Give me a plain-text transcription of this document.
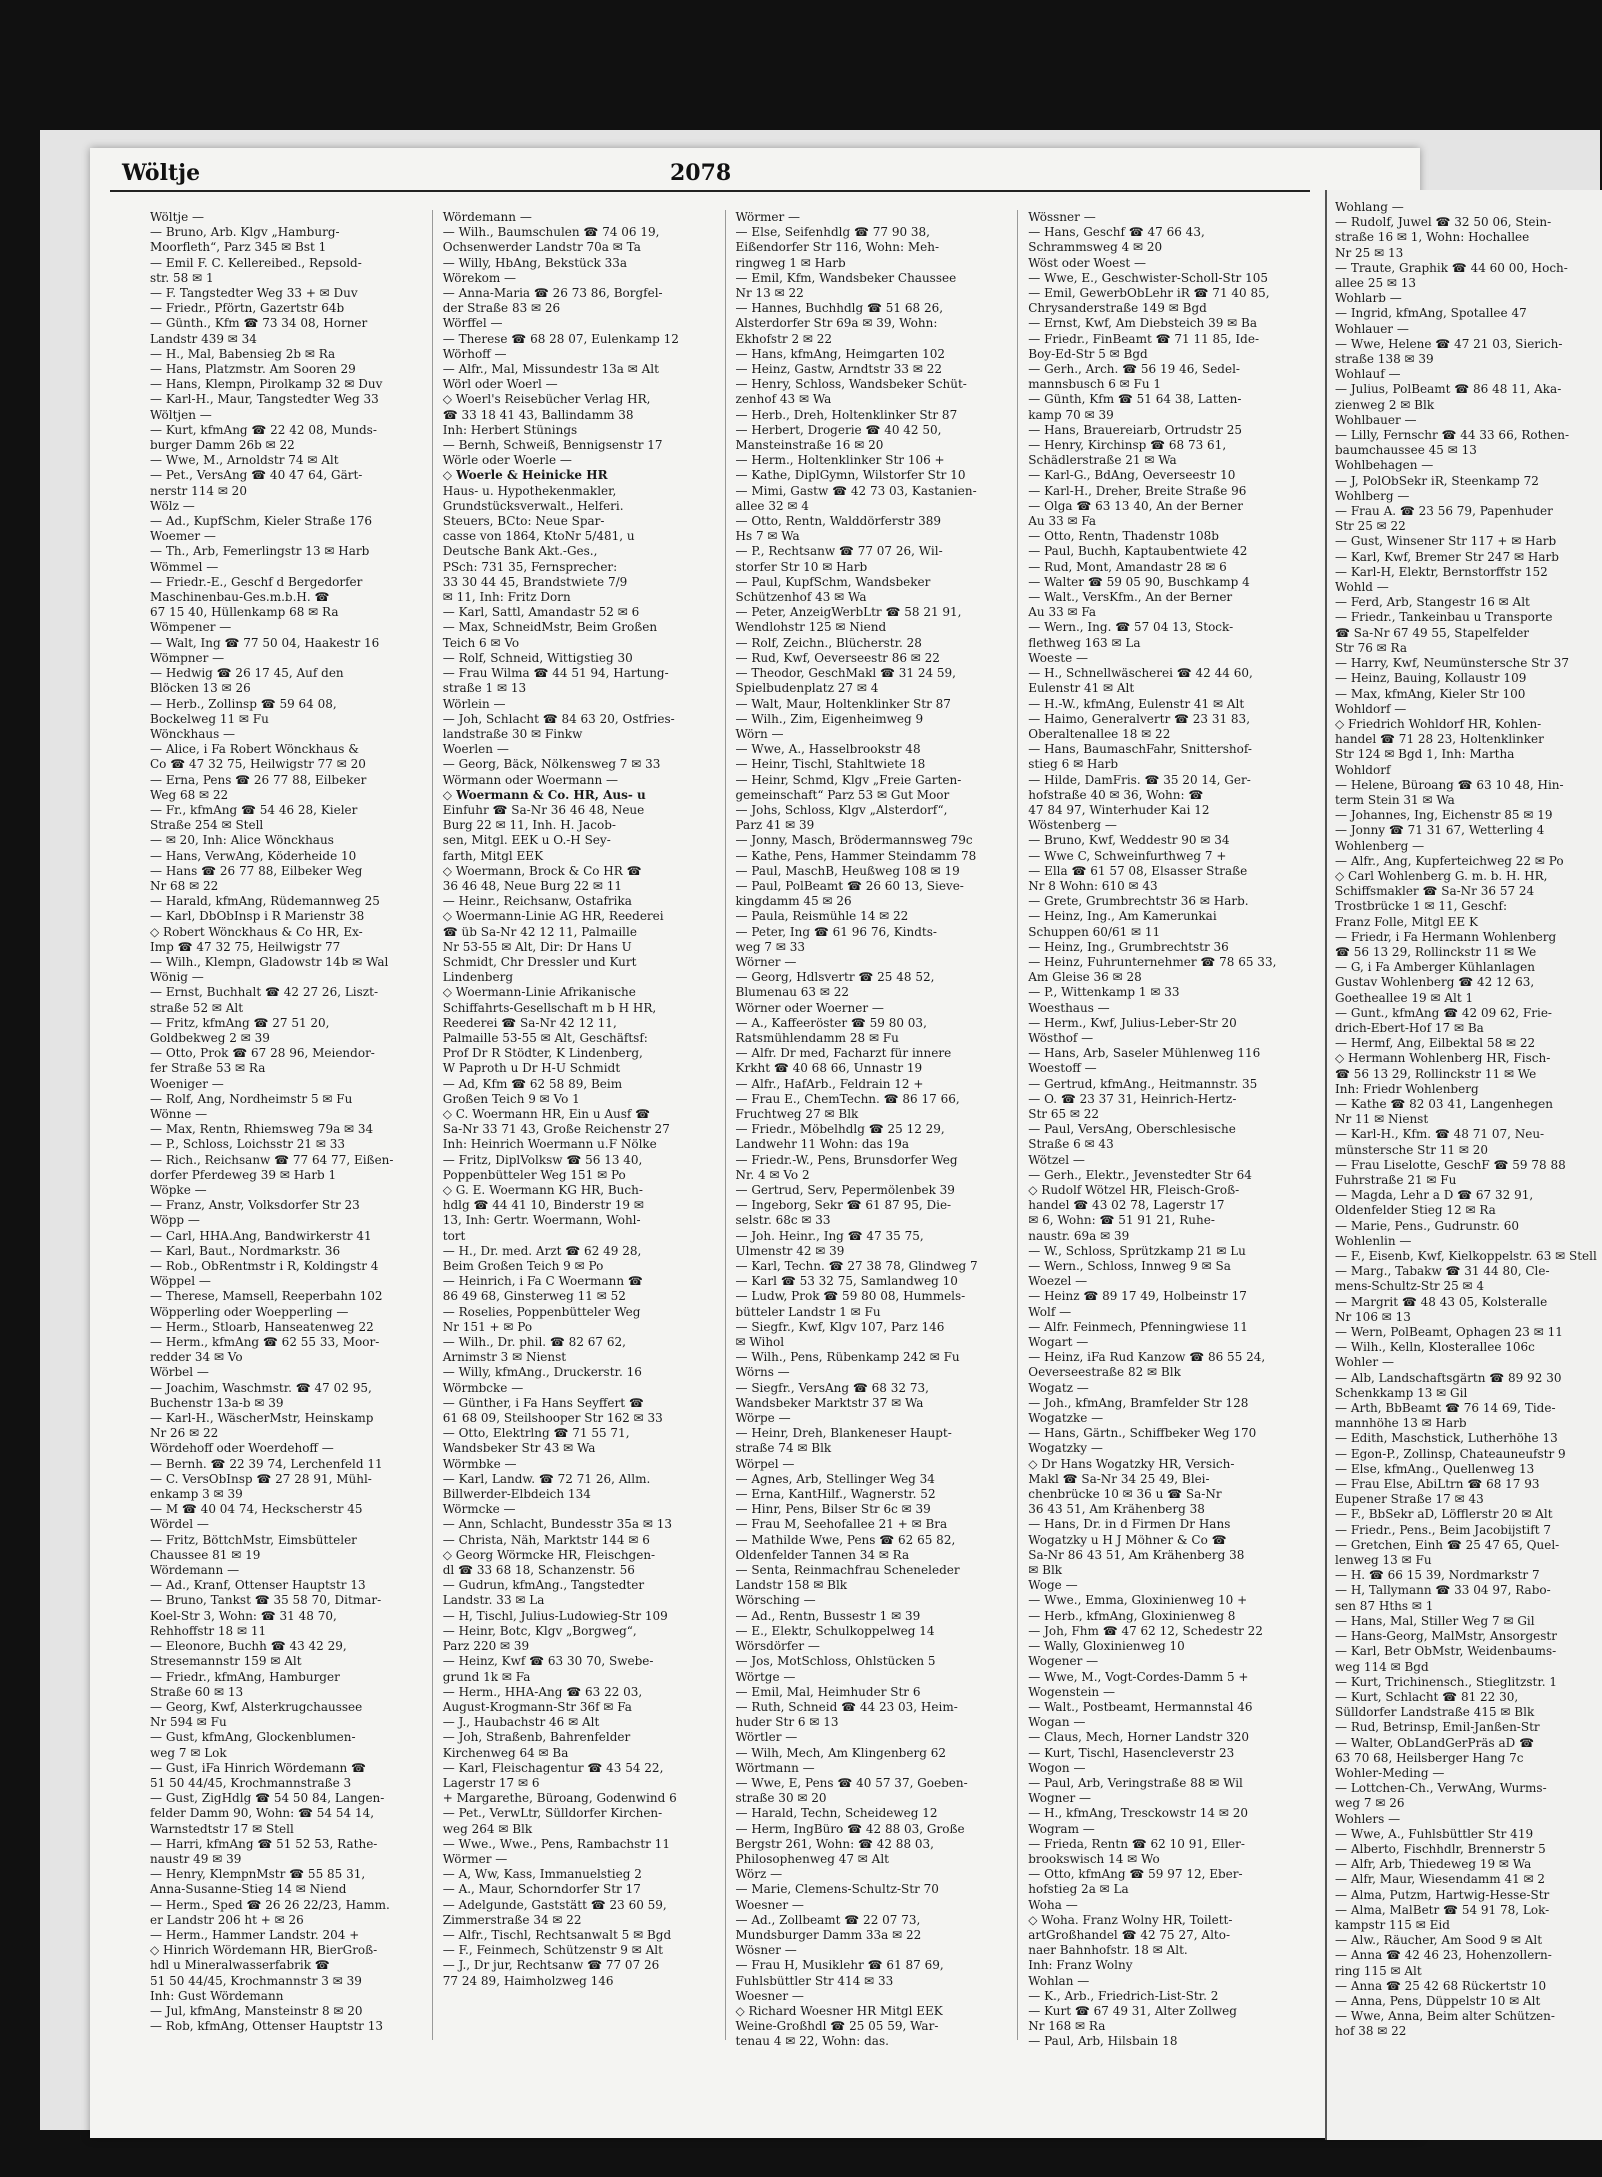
Wöltje	2078
Wöltje —
— Bruno, Arb. Klgv „Hamburg-
Moorfleth“, Parz 345 ✉ Bst 1
— Emil F. C. Kellereibed., Repsold-
str. 58 ✉ 1
— F. Tangstedter Weg 33 + ✉ Duv
— Friedr., Pförtn, Gazertstr 64b
— Günth., Kfm ☎ 73 34 08, Horner
Landstr 439 ✉ 34
— H., Mal, Babensieg 2b ✉ Ra
— Hans, Platzmstr. Am Sooren 29
— Hans, Klempn, Pirolkamp 32 ✉ Duv
— Karl-H., Maur, Tangstedter Weg 33
Wöltjen —
— Kurt, kfmAng ☎ 22 42 08, Munds-
burger Damm 26b ✉ 22
— Wwe, M., Arnoldstr 74 ✉ Alt
— Pet., VersAng ☎ 40 47 64, Gärt-
nerstr 114 ✉ 20
Wölz —
— Ad., KupfSchm, Kieler Straße 176
Woemer —
— Th., Arb, Femerlingstr 13 ✉ Harb
Wömmel —
— Friedr.-E., Geschf d Bergedorfer
Maschinenbau-Ges.m.b.H. ☎
67 15 40, Hüllenkamp 68 ✉ Ra
Wömpener —
— Walt, Ing ☎ 77 50 04, Haakestr 16
Wömpner —
— Hedwig ☎ 26 17 45, Auf den
Blöcken 13 ✉ 26
— Herb., Zollinsp ☎ 59 64 08,
Bockelweg 11 ✉ Fu
Wönckhaus —
— Alice, i Fa Robert Wönckhaus &
Co ☎ 47 32 75, Heilwigstr 77 ✉ 20
— Erna, Pens ☎ 26 77 88, Eilbeker
Weg 68 ✉ 22
— Fr., kfmAng ☎ 54 46 28, Kieler
Straße 254 ✉ Stell
— ✉ 20, Inh: Alice Wönckhaus
— Hans, VerwAng, Köderheide 10
— Hans ☎ 26 77 88, Eilbeker Weg
Nr 68 ✉ 22
— Harald, kfmAng, Rüdemannweg 25
— Karl, DbObInsp i R Marienstr 38
◇ Robert Wönckhaus & Co HR, Ex-
Imp ☎ 47 32 75, Heilwigstr 77
— Wilh., Klempn, Gladowstr 14b ✉ Wal
Wönig —
— Ernst, Buchhalt ☎ 42 27 26, Liszt-
straße 52 ✉ Alt
— Fritz, kfmAng ☎ 27 51 20,
Goldbekweg 2 ✉ 39
— Otto, Prok ☎ 67 28 96, Meiendor-
fer Straße 53 ✉ Ra
Woeniger —
— Rolf, Ang, Nordheimstr 5 ✉ Fu
Wönne —
— Max, Rentn, Rhiemsweg 79a ✉ 34
— P., Schloss, Loichsstr 21 ✉ 33
— Rich., Reichsanw ☎ 77 64 77, Eißen-
dorfer Pferdeweg 39 ✉ Harb 1
Wöpke —
— Franz, Anstr, Volksdorfer Str 23
Wöpp —
— Carl, HHA.Ang, Bandwirkerstr 41
— Karl, Baut., Nordmarkstr. 36
— Rob., ObRentmstr i R, Koldingstr 4
Wöppel —
— Therese, Mamsell, Reeperbahn 102
Wöpperling oder Woepperling —
— Herm., Stloarb, Hanseatenweg 22
— Herm., kfmAng ☎ 62 55 33, Moor-
redder 34 ✉ Vo
Wörbel —
— Joachim, Waschmstr. ☎ 47 02 95,
Buchenstr 13a-b ✉ 39
— Karl-H., WäscherMstr, Heinskamp
Nr 26 ✉ 22
Wördehoff oder Woerdehoff —
— Bernh. ☎ 22 39 74, Lerchenfeld 11
— C. VersObInsp ☎ 27 28 91, Mühl-
enkamp 3 ✉ 39
— M ☎ 40 04 74, Heckscherstr 45
Wördel —
— Fritz, BöttchMstr, Eimsbütteler
Chaussee 81 ✉ 19
Wördemann —
— Ad., Kranf, Ottenser Hauptstr 13
— Bruno, Tankst ☎ 35 58 70, Ditmar-
Koel-Str 3, Wohn: ☎ 31 48 70,
Rehhoffstr 18 ✉ 11
— Eleonore, Buchh ☎ 43 42 29,
Stresemannstr 159 ✉ Alt
— Friedr., kfmAng, Hamburger
Straße 60 ✉ 13
— Georg, Kwf, Alsterkrugchaussee
Nr 594 ✉ Fu
— Gust, kfmAng, Glockenblumen-
weg 7 ✉ Lok
— Gust, iFa Hinrich Wördemann ☎
51 50 44/45, Krochmannstraße 3
— Gust, ZigHdlg ☎ 54 50 84, Langen-
felder Damm 90, Wohn: ☎ 54 54 14,
Warnstedtstr 17 ✉ Stell
— Harri, kfmAng ☎ 51 52 53, Rathe-
naustr 49 ✉ 39
— Henry, KlempnMstr ☎ 55 85 31,
Anna-Susanne-Stieg 14 ✉ Niend
— Herm., Sped ☎ 26 26 22/23, Hamm.
er Landstr 206 ht + ✉ 26
— Herm., Hammer Landstr. 204 +
◇ Hinrich Wördemann HR, BierGroß-
hdl u Mineralwasserfabrik ☎
51 50 44/45, Krochmannstr 3 ✉ 39
Inh: Gust Wördemann
— Jul, kfmAng, Mansteinstr 8 ✉ 20
— Rob, kfmAng, Ottenser Hauptstr 13
Wördemann —
— Wilh., Baumschulen ☎ 74 06 19,
Ochsenwerder Landstr 70a ✉ Ta
— Willy, HbAng, Bekstück 33a
Wörekom —
— Anna-Maria ☎ 26 73 86, Borgfel-
der Straße 83 ✉ 26
Wörffel —
— Therese ☎ 68 28 07, Eulenkamp 12
Wörhoff —
— Alfr., Mal, Missundestr 13a ✉ Alt
Wörl oder Woerl —
◇ Woerl's Reisebücher Verlag HR,
☎ 33 18 41 43, Ballindamm 38
Inh: Herbert Stünings
— Bernh, Schweiß, Bennigsenstr 17
Wörle oder Woerle —
◇ Woerle & Heinicke HR
Haus- u. Hypothekenmakler,
Grundstücksverwalt., Helferi.
Steuers, BCto: Neue Spar-
casse von 1864, KtoNr 5/481, u
Deutsche Bank Akt.-Ges.,
PSch: 731 35, Fernsprecher:
33 30 44 45, Brandstwiete 7/9
✉ 11, Inh: Fritz Dorn
— Karl, Sattl, Amandastr 52 ✉ 6
— Max, SchneidMstr, Beim Großen
Teich 6 ✉ Vo
— Rolf, Schneid, Wittigstieg 30
— Frau Wilma ☎ 44 51 94, Hartung-
straße 1 ✉ 13
Wörlein —
— Joh, Schlacht ☎ 84 63 20, Ostfries-
landstraße 30 ✉ Finkw
Woerlen —
— Georg, Bäck, Nölkensweg 7 ✉ 33
Wörmann oder Woermann —
◇ Woermann & Co. HR, Aus- u
Einfuhr ☎ Sa-Nr 36 46 48, Neue
Burg 22 ✉ 11, Inh. H. Jacob-
sen, Mitgl. EEK u O.-H Sey-
farth, Mitgl EEK
◇ Woermann, Brock & Co HR ☎
36 46 48, Neue Burg 22 ✉ 11
— Heinr., Reichsanw, Ostafrika
◇ Woermann-Linie AG HR, Reederei
☎ üb Sa-Nr 42 12 11, Palmaille
Nr 53-55 ✉ Alt, Dir: Dr Hans U
Schmidt, Chr Dressler und Kurt
Lindenberg
◇ Woermann-Linie Afrikanische
Schiffahrts-Gesellschaft m b H HR,
Reederei ☎ Sa-Nr 42 12 11,
Palmaille 53-55 ✉ Alt, Geschäftsf:
Prof Dr R Stödter, K Lindenberg,
W Paproth u Dr H-U Schmidt
— Ad, Kfm ☎ 62 58 89, Beim
Großen Teich 9 ✉ Vo 1
◇ C. Woermann HR, Ein u Ausf ☎
Sa-Nr 33 71 43, Große Reichenstr 27
Inh: Heinrich Woermann u.F Nölke
— Fritz, DiplVolksw ☎ 56 13 40,
Poppenbütteler Weg 151 ✉ Po
◇ G. E. Woermann KG HR, Buch-
hdlg ☎ 44 41 10, Binderstr 19 ✉
13, Inh: Gertr. Woermann, Wohl-
tort
— H., Dr. med. Arzt ☎ 62 49 28,
Beim Großen Teich 9 ✉ Po
— Heinrich, i Fa C Woermann ☎
86 49 68, Ginsterweg 11 ✉ 52
— Roselies, Poppenbütteler Weg
Nr 151 + ✉ Po
— Wilh., Dr. phil. ☎ 82 67 62,
Arnimstr 3 ✉ Nienst
— Willy, kfmAng., Druckerstr. 16
Wörmbcke —
— Günther, i Fa Hans Seyffert ☎
61 68 09, Steilshooper Str 162 ✉ 33
— Otto, Elektrlng ☎ 71 55 71,
Wandsbeker Str 43 ✉ Wa
Wörmbke —
— Karl, Landw. ☎ 72 71 26, Allm.
Billwerder-Elbdeich 134
Wörmcke —
— Ann, Schlacht, Bundesstr 35a ✉ 13
— Christa, Näh, Marktstr 144 ✉ 6
◇ Georg Wörmcke HR, Fleischgen-
dl ☎ 33 68 18, Schanzenstr. 56
— Gudrun, kfmAng., Tangstedter
Landstr. 33 ✉ La
— H, Tischl, Julius-Ludowieg-Str 109
— Heinr, Botc, Klgv „Borgweg“,
Parz 220 ✉ 39
— Heinz, Kwf ☎ 63 30 70, Swebe-
grund 1k ✉ Fa
— Herm., HHA-Ang ☎ 63 22 03,
August-Krogmann-Str 36f ✉ Fa
— J., Haubachstr 46 ✉ Alt
— Joh, Straßenb, Bahrenfelder
Kirchenweg 64 ✉ Ba
— Karl, Fleischagentur ☎ 43 54 22,
Lagerstr 17 ✉ 6
+ Margarethe, Büroang, Godenwind 6
— Pet., VerwLtr, Sülldorfer Kirchen-
weg 264 ✉ Blk
— Wwe., Wwe., Pens, Rambachstr 11
Wörmer —
— A, Ww, Kass, Immanuelstieg 2
— A., Maur, Schorndorfer Str 17
— Adelgunde, Gaststätt ☎ 23 60 59,
Zimmerstraße 34 ✉ 22
— Alfr., Tischl, Rechtsanwalt 5 ✉ Bgd
— F., Feinmech, Schützenstr 9 ✉ Alt
— J., Dr jur, Rechtsanw ☎ 77 07 26
77 24 89, Haimholzweg 146
Wörmer —
— Else, Seifenhdlg ☎ 77 90 38,
Eißendorfer Str 116, Wohn: Meh-
ringweg 1 ✉ Harb
— Emil, Kfm, Wandsbeker Chaussee
Nr 13 ✉ 22
— Hannes, Buchhdlg ☎ 51 68 26,
Alsterdorfer Str 69a ✉ 39, Wohn:
Ekhofstr 2 ✉ 22
— Hans, kfmAng, Heimgarten 102
— Heinz, Gastw, Arndtstr 33 ✉ 22
— Henry, Schloss, Wandsbeker Schüt-
zenhof 43 ✉ Wa
— Herb., Dreh, Holtenklinker Str 87
— Herbert, Drogerie ☎ 40 42 50,
Mansteinstraße 16 ✉ 20
— Herm., Holtenklinker Str 106 +
— Kathe, DiplGymn, Wilstorfer Str 10
— Mimi, Gastw ☎ 42 73 03, Kastanien-
allee 32 ✉ 4
— Otto, Rentn, Walddörferstr 389
Hs 7 ✉ Wa
— P., Rechtsanw ☎ 77 07 26, Wil-
storfer Str 10 ✉ Harb
— Paul, KupfSchm, Wandsbeker
Schützenhof 43 ✉ Wa
— Peter, AnzeigWerbLtr ☎ 58 21 91,
Wendlohstr 125 ✉ Niend
— Rolf, Zeichn., Blücherstr. 28
— Rud, Kwf, Oeverseestr 86 ✉ 22
— Theodor, GeschMakl ☎ 31 24 59,
Spielbudenplatz 27 ✉ 4
— Walt, Maur, Holtenklinker Str 87
— Wilh., Zim, Eigenheimweg 9
Wörn —
— Wwe, A., Hasselbrookstr 48
— Heinr, Tischl, Stahltwiete 18
— Heinr, Schmd, Klgv „Freie Garten-
gemeinschaft“ Parz 53 ✉ Gut Moor
— Johs, Schloss, Klgv „Alsterdorf“,
Parz 41 ✉ 39
— Jonny, Masch, Brödermannsweg 79c
— Kathe, Pens, Hammer Steindamm 78
— Paul, MaschB, Heußweg 108 ✉ 19
— Paul, PolBeamt ☎ 26 60 13, Sieve-
kingdamm 45 ✉ 26
— Paula, Reismühle 14 ✉ 22
— Peter, Ing ☎ 61 96 76, Kindts-
weg 7 ✉ 33
Wörner —
— Georg, Hdlsvertr ☎ 25 48 52,
Blumenau 63 ✉ 22
Wörner oder Woerner —
— A., Kaffeeröster ☎ 59 80 03,
Ratsmühlendamm 28 ✉ Fu
— Alfr. Dr med, Facharzt für innere
Krkht ☎ 40 68 66, Unnastr 19
— Alfr., HafArb., Feldrain 12 +
— Frau E., ChemTechn. ☎ 86 17 66,
Fruchtweg 27 ✉ Blk
— Friedr., Möbelhdlg ☎ 25 12 29,
Landwehr 11 Wohn: das 19a
— Friedr.-W., Pens, Brunsdorfer Weg
Nr. 4 ✉ Vo 2
— Gertrud, Serv, Pepermölenbek 39
— Ingeborg, Sekr ☎ 61 87 95, Die-
selstr. 68c ✉ 33
— Joh. Heinr., Ing ☎ 47 35 75,
Ulmenstr 42 ✉ 39
— Karl, Techn. ☎ 27 38 78, Glindweg 7
— Karl ☎ 53 32 75, Samlandweg 10
— Ludw, Prok ☎ 59 80 08, Hummels-
bütteler Landstr 1 ✉ Fu
— Siegfr., Kwf, Klgv 107, Parz 146
✉ Wihol
— Wilh., Pens, Rübenkamp 242 ✉ Fu
Wörns —
— Siegfr., VersAng ☎ 68 32 73,
Wandsbeker Marktstr 37 ✉ Wa
Wörpe —
— Heinr, Dreh, Blankeneser Haupt-
straße 74 ✉ Blk
Wörpel —
— Agnes, Arb, Stellinger Weg 34
— Erna, KantHilf., Wagnerstr. 52
— Hinr, Pens, Bilser Str 6c ✉ 39
— Frau M, Seehofallee 21 + ✉ Bra
— Mathilde Wwe, Pens ☎ 62 65 82,
Oldenfelder Tannen 34 ✉ Ra
— Senta, Reinmachfrau Scheneleder
Landstr 158 ✉ Blk
Wörsching —
— Ad., Rentn, Bussestr 1 ✉ 39
— E., Elektr, Schulkoppelweg 14
Wörsdörfer —
— Jos, MotSchloss, Ohlstücken 5
Wörtge —
— Emil, Mal, Heimhuder Str 6
— Ruth, Schneid ☎ 44 23 03, Heim-
huder Str 6 ✉ 13
Wörtler —
— Wilh, Mech, Am Klingenberg 62
Wörtmann —
— Wwe, E, Pens ☎ 40 57 37, Goeben-
straße 30 ✉ 20
— Harald, Techn, Scheideweg 12
— Herm, IngBüro ☎ 42 88 03, Große
Bergstr 261, Wohn: ☎ 42 88 03,
Philosophenweg 47 ✉ Alt
Wörz —
— Marie, Clemens-Schultz-Str 70
Woesner —
— Ad., Zollbeamt ☎ 22 07 73,
Mundsburger Damm 33a ✉ 22
Wösner —
— Frau H, Musiklehr ☎ 61 87 69,
Fuhlsbüttler Str 414 ✉ 33
Woesner —
◇ Richard Woesner HR Mitgl EEK
Weine-Großhdl ☎ 25 05 59, War-
tenau 4 ✉ 22, Wohn: das.
Wössner —
— Hans, Geschf ☎ 47 66 43,
Schrammsweg 4 ✉ 20
Wöst oder Woest —
— Wwe, E., Geschwister-Scholl-Str 105
— Emil, GewerbObLehr iR ☎ 71 40 85,
Chrysanderstraße 149 ✉ Bgd
— Ernst, Kwf, Am Diebsteich 39 ✉ Ba
— Friedr., FinBeamt ☎ 71 11 85, Ide-
Boy-Ed-Str 5 ✉ Bgd
— Gerh., Arch. ☎ 56 19 46, Sedel-
mannsbusch 6 ✉ Fu 1
— Günth, Kfm ☎ 51 64 38, Latten-
kamp 70 ✉ 39
— Hans, Brauereiarb, Ortrudstr 25
— Henry, Kirchinsp ☎ 68 73 61,
Schädlerstraße 21 ✉ Wa
— Karl-G., BdAng, Oeverseestr 10
— Karl-H., Dreher, Breite Straße 96
— Olga ☎ 63 13 40, An der Berner
Au 33 ✉ Fa
— Otto, Rentn, Thadenstr 108b
— Paul, Buchh, Kaptaubentwiete 42
— Rud, Mont, Amandastr 28 ✉ 6
— Walter ☎ 59 05 90, Buschkamp 4
— Walt., VersKfm., An der Berner
Au 33 ✉ Fa
— Wern., Ing. ☎ 57 04 13, Stock-
flethweg 163 ✉ La
Woeste —
— H., Schnellwäscherei ☎ 42 44 60,
Eulenstr 41 ✉ Alt
— H.-W., kfmAng, Eulenstr 41 ✉ Alt
— Haimo, Generalvertr ☎ 23 31 83,
Oberaltenallee 18 ✉ 22
— Hans, BaumaschFahr, Snittershof-
stieg 6 ✉ Harb
— Hilde, DamFris. ☎ 35 20 14, Ger-
hofstraße 40 ✉ 36, Wohn: ☎
47 84 97, Winterhuder Kai 12
Wöstenberg —
— Bruno, Kwf, Weddestr 90 ✉ 34
— Wwe C, Schweinfurthweg 7 +
— Ella ☎ 61 57 08, Elsasser Straße
Nr 8 Wohn: 610 ✉ 43
— Grete, Grumbrechtstr 36 ✉ Harb.
— Heinz, Ing., Am Kamerunkai
Schuppen 60/61 ✉ 11
— Heinz, Ing., Grumbrechtstr 36
— Heinz, Fuhrunternehmer ☎ 78 65 33,
Am Gleise 36 ✉ 28
— P., Wittenkamp 1 ✉ 33
Woesthaus —
— Herm., Kwf, Julius-Leber-Str 20
Wösthof —
— Hans, Arb, Saseler Mühlenweg 116
Woestoff —
— Gertrud, kfmAng., Heitmannstr. 35
— O. ☎ 23 37 31, Heinrich-Hertz-
Str 65 ✉ 22
— Paul, VersAng, Oberschlesische
Straße 6 ✉ 43
Wötzel —
— Gerh., Elektr., Jevenstedter Str 64
◇ Rudolf Wötzel HR, Fleisch-Groß-
handel ☎ 43 02 78, Lagerstr 17
✉ 6, Wohn: ☎ 51 91 21, Ruhe-
naustr. 69a ✉ 39
— W., Schloss, Sprützkamp 21 ✉ Lu
— Wern., Schloss, Innweg 9 ✉ Sa
Woezel —
— Heinz ☎ 89 17 49, Holbeinstr 17
Wolf —
— Alfr. Feinmech, Pfenningwiese 11
Wogart —
— Heinz, iFa Rud Kanzow ☎ 86 55 24,
Oeverseestraße 82 ✉ Blk
Wogatz —
— Joh., kfmAng, Bramfelder Str 128
Wogatzke —
— Hans, Gärtn., Schiffbeker Weg 170
Wogatzky —
◇ Dr Hans Wogatzky HR, Versich-
Makl ☎ Sa-Nr 34 25 49, Blei-
chenbrücke 10 ✉ 36 u ☎ Sa-Nr
36 43 51, Am Krähenberg 38
— Hans, Dr. in d Firmen Dr Hans
Wogatzky u H J Möhner & Co ☎
Sa-Nr 86 43 51, Am Krähenberg 38
✉ Blk
Woge —
— Wwe., Emma, Gloxinienweg 10 +
— Herb., kfmAng, Gloxinienweg 8
— Joh, Fhm ☎ 47 62 12, Schedestr 22
— Wally, Gloxinienweg 10
Wogener —
— Wwe, M., Vogt-Cordes-Damm 5 +
Wogenstein —
— Walt., Postbeamt, Hermannstal 46
Wogan —
— Claus, Mech, Horner Landstr 320
— Kurt, Tischl, Hasencleverstr 23
Wogon —
— Paul, Arb, Veringstraße 88 ✉ Wil
Wogner —
— H., kfmAng, Tresckowstr 14 ✉ 20
Wogram —
— Frieda, Rentn ☎ 62 10 91, Eller-
brookswisch 14 ✉ Wo
— Otto, kfmAng ☎ 59 97 12, Eber-
hofstieg 2a ✉ La
Woha —
◇ Woha. Franz Wolny HR, Toilett-
artGroßhandel ☎ 42 75 27, Alto-
naer Bahnhofstr. 18 ✉ Alt.
Inh: Franz Wolny
Wohlan —
— K., Arb., Friedrich-List-Str. 2
— Kurt ☎ 67 49 31, Alter Zollweg
Nr 168 ✉ Ra
— Paul, Arb, Hilsbain 18
Wohlang —
— Rudolf, Juwel ☎ 32 50 06, Stein-
straße 16 ✉ 1, Wohn: Hochallee
Nr 25 ✉ 13
— Traute, Graphik ☎ 44 60 00, Hoch-
allee 25 ✉ 13
Wohlarb —
— Ingrid, kfmAng, Spotallee 47
Wohlauer —
— Wwe, Helene ☎ 47 21 03, Sierich-
straße 138 ✉ 39
Wohlauf —
— Julius, PolBeamt ☎ 86 48 11, Aka-
zienweg 2 ✉ Blk
Wohlbauer —
— Lilly, Fernschr ☎ 44 33 66, Rothen-
baumchaussee 45 ✉ 13
Wohlbehagen —
— J, PolObSekr iR, Steenkamp 72
Wohlberg —
— Frau A. ☎ 23 56 79, Papenhuder
Str 25 ✉ 22
— Gust, Winsener Str 117 + ✉ Harb
— Karl, Kwf, Bremer Str 247 ✉ Harb
— Karl-H, Elektr, Bernstorffstr 152
Wohld —
— Ferd, Arb, Stangestr 16 ✉ Alt
— Friedr., Tankeinbau u Transporte
☎ Sa-Nr 67 49 55, Stapelfelder
Str 76 ✉ Ra
— Harry, Kwf, Neumünstersche Str 37
— Heinz, Bauing, Kollaustr 109
— Max, kfmAng, Kieler Str 100
Wohldorf —
◇ Friedrich Wohldorf HR, Kohlen-
handel ☎ 71 28 23, Holtenklinker
Str 124 ✉ Bgd 1, Inh: Martha
Wohldorf
— Helene, Büroang ☎ 63 10 48, Hin-
term Stein 31 ✉ Wa
— Johannes, Ing, Eichenstr 85 ✉ 19
— Jonny ☎ 71 31 67, Wetterling 4
Wohlenberg —
— Alfr., Ang, Kupferteichweg 22 ✉ Po
◇ Carl Wohlenberg G. m. b. H. HR,
Schiffsmakler ☎ Sa-Nr 36 57 24
Trostbrücke 1 ✉ 11, Geschf:
Franz Folle, Mitgl EE K
— Friedr, i Fa Hermann Wohlenberg
☎ 56 13 29, Rollinckstr 11 ✉ We
— G, i Fa Amberger Kühlanlagen
Gustav Wohlenberg ☎ 42 12 63,
Goetheallee 19 ✉ Alt 1
— Gunt., kfmAng ☎ 42 09 62, Frie-
drich-Ebert-Hof 17 ✉ Ba
— Hermf, Ang, Eilbektal 58 ✉ 22
◇ Hermann Wohlenberg HR, Fisch-
☎ 56 13 29, Rollinckstr 11 ✉ We
Inh: Friedr Wohlenberg
— Kathe ☎ 82 03 41, Langenhegen
Nr 11 ✉ Nienst
— Karl-H., Kfm. ☎ 48 71 07, Neu-
münstersche Str 11 ✉ 20
— Frau Liselotte, GeschF ☎ 59 78 88
Fuhrstraße 21 ✉ Fu
— Magda, Lehr a D ☎ 67 32 91,
Oldenfelder Stieg 12 ✉ Ra
— Marie, Pens., Gudrunstr. 60
Wohlenlin —
— F., Eisenb, Kwf, Kielkoppelstr. 63 ✉ Stell
— Marg., Tabakw ☎ 31 44 80, Cle-
mens-Schultz-Str 25 ✉ 4
— Margrit ☎ 48 43 05, Kolsteralle
Nr 106 ✉ 13
— Wern, PolBeamt, Ophagen 23 ✉ 11
— Wilh., Kelln, Klosterallee 106c
Wohler —
— Alb, Landschaftsgärtn ☎ 89 92 30
Schenkkamp 13 ✉ Gil
— Arth, BbBeamt ☎ 76 14 69, Tide-
mannhöhe 13 ✉ Harb
— Edith, Maschstick, Lutherhöhe 13
— Egon-P., Zollinsp, Chateauneufstr 9
— Else, kfmAng., Quellenweg 13
— Frau Else, AbiLtrn ☎ 68 17 93
Eupener Straße 17 ✉ 43
— F., BbSekr aD, Löfflerstr 20 ✉ Alt
— Friedr., Pens., Beim Jacobijstift 7
— Gretchen, Einh ☎ 25 47 65, Quel-
lenweg 13 ✉ Fu
— H. ☎ 66 15 39, Nordmarkstr 7
— H, Tallymann ☎ 33 04 97, Rabo-
sen 87 Hths ✉ 1
— Hans, Mal, Stiller Weg 7 ✉ Gil
— Hans-Georg, MalMstr, Ansorgestr
— Karl, Betr ObMstr, Weidenbaums-
weg 114 ✉ Bgd
— Kurt, Trichinensch., Stieglitzstr. 1
— Kurt, Schlacht ☎ 81 22 30,
Sülldorfer Landstraße 415 ✉ Blk
— Rud, Betrinsp, Emil-Janßen-Str
— Walter, ObLandGerPräs aD ☎
63 70 68, Heilsberger Hang 7c
Wohler-Meding —
— Lottchen-Ch., VerwAng, Wurms-
weg 7 ✉ 26
Wohlers —
— Wwe, A., Fuhlsbüttler Str 419
— Alberto, Fischhdlr, Brennerstr 5
— Alfr, Arb, Thiedeweg 19 ✉ Wa
— Alfr, Maur, Wiesendamm 41 ✉ 2
— Alma, Putzm, Hartwig-Hesse-Str
— Alma, MalBetr ☎ 54 91 78, Lok-
kampstr 115 ✉ Eid
— Alw., Räucher, Am Sood 9 ✉ Alt
— Anna ☎ 42 46 23, Hohenzollern-
ring 115 ✉ Alt
— Anna ☎ 25 42 68 Rückertstr 10
— Anna, Pens, Düppelstr 10 ✉ Alt
— Wwe, Anna, Beim alter Schützen-
hof 38 ✉ 22
